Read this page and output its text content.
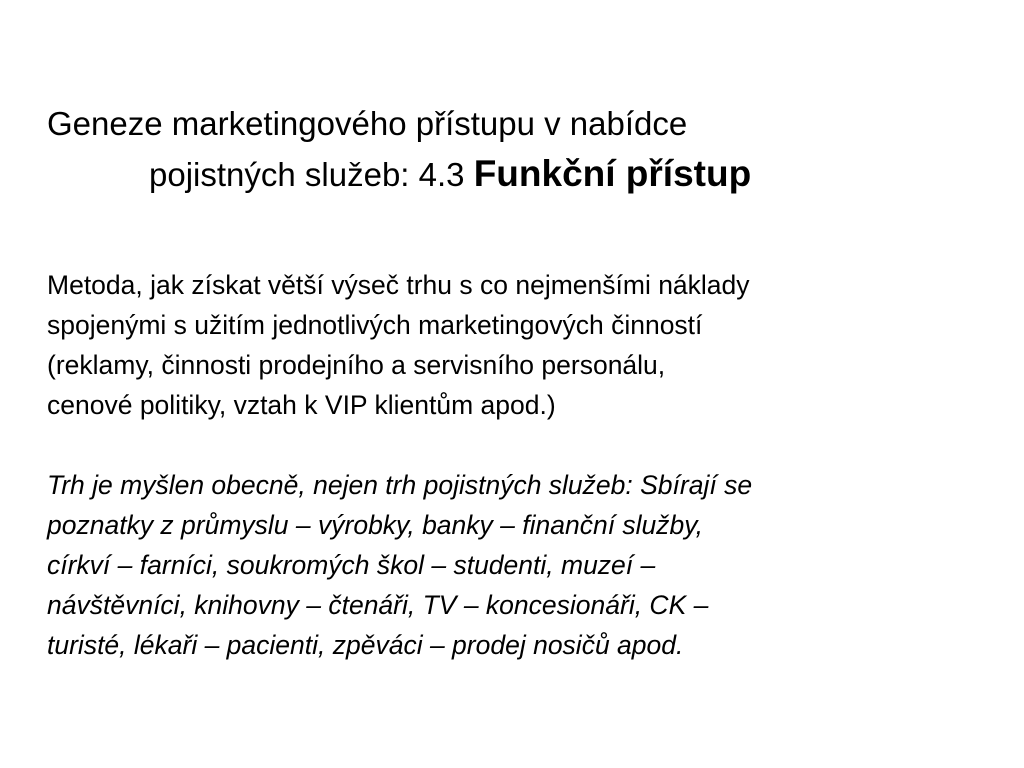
Geneze marketingového přístupu v nabídce
pojistných služeb: 4.3 Funkční přístup
Metoda, jak získat větší výseč trhu s co nejmenšími náklady
spojenými s užitím jednotlivých marketingových činností
(reklamy, činnosti prodejního a servisního personálu,
cenové politiky, vztah k VIP klientům apod.)
Trh je myšlen obecně, nejen trh pojistných služeb: Sbírají se
poznatky z průmyslu – výrobky, banky – finanční služby,
církví – farníci, soukromých škol – studenti, muzeí –
návštěvníci, knihovny – čtenáři, TV – koncesionáři, CK –
turisté, lékaři – pacienti, zpěváci – prodej nosičů apod.
